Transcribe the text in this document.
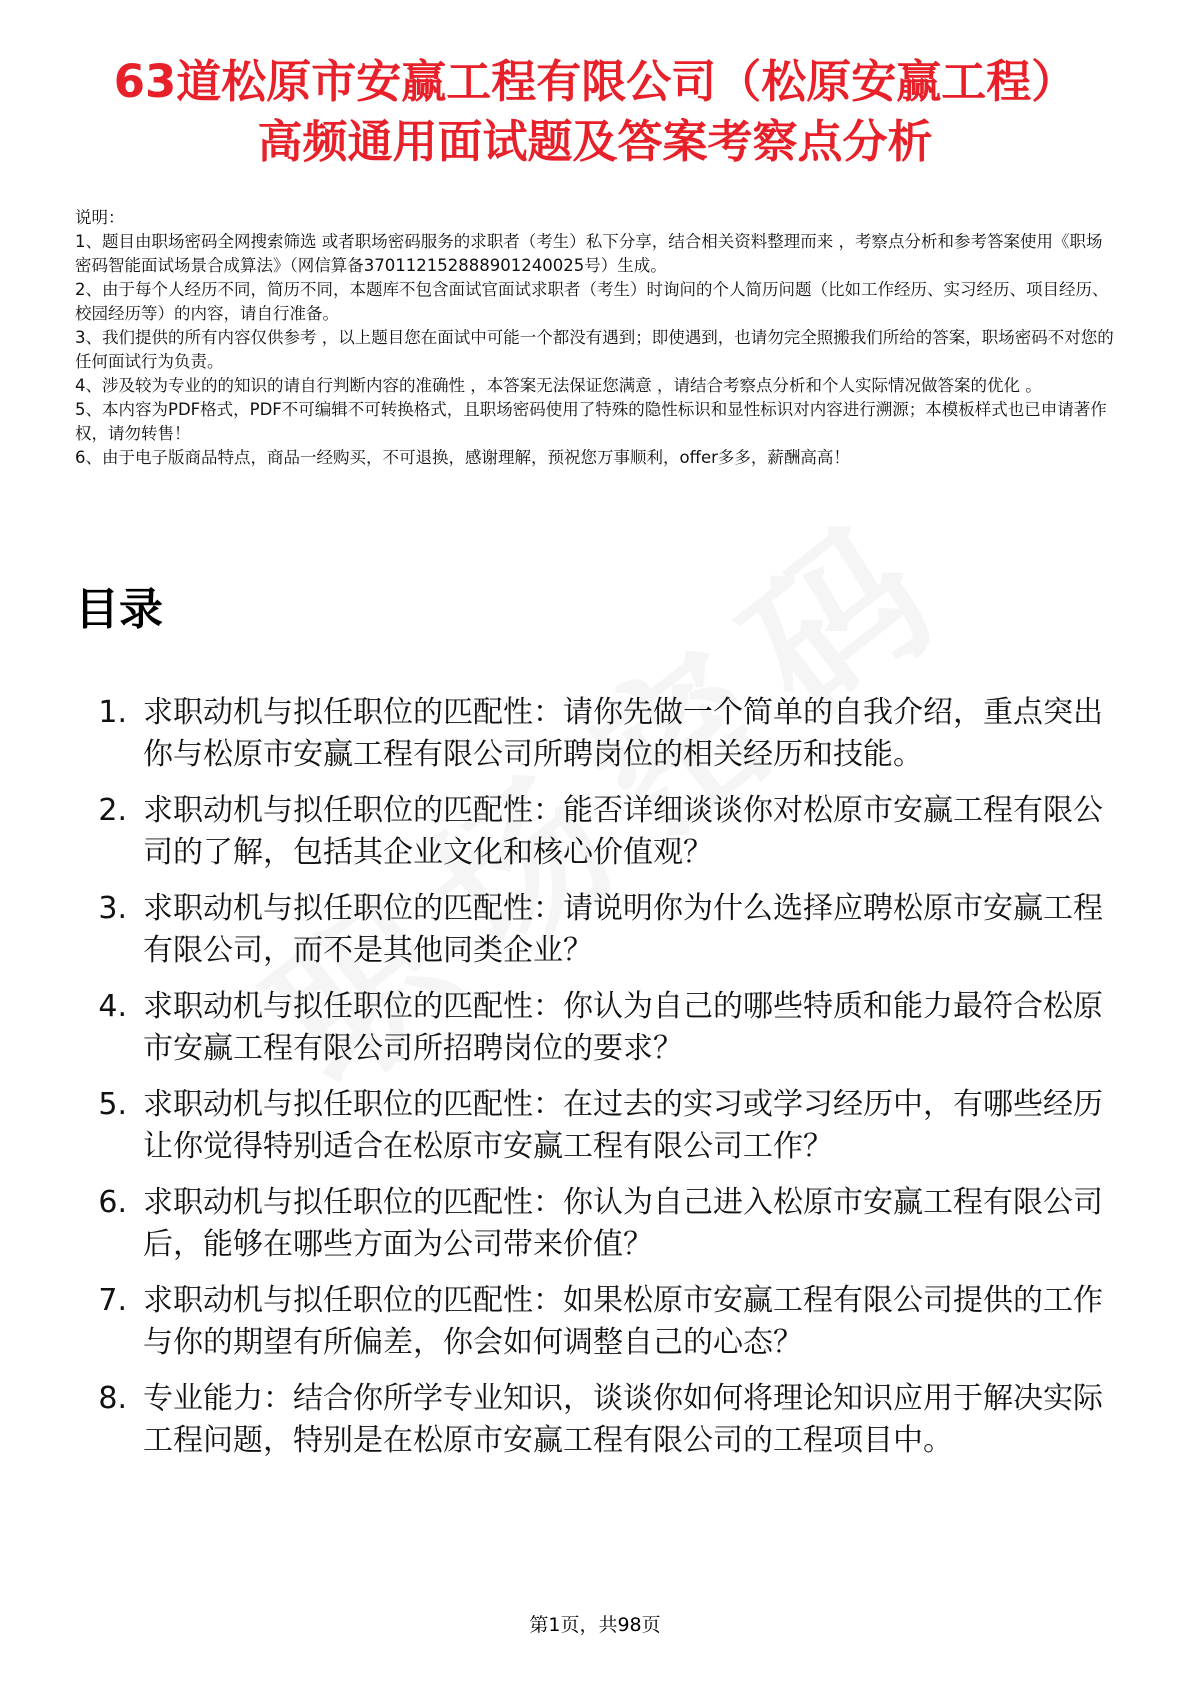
63道松原市安赢工程有限公司（松原安赢工程）高频通用面试题及答案考察点分析

说明：

1、题目由职场密码全网搜索筛选 或者职场密码服务的求职者（考生）私下分享，结合相关资料整理而来 ，考察点分析和参考答案使用《职场密码智能面试场景合成算法》（网信算备370112152888901240025号）生成。

2、由于每个人经历不同，简历不同，本题库不包含面试官面试求职者（考生）时询问的个人简历问题（比如工作经历、实习经历、项目经历、校园经历等）的内容，请自行准备。

3、我们提供的所有内容仅供参考 ，以上题目您在面试中可能一个都没有遇到；即使遇到，也请勿完全照搬我们所给的答案，职场密码不对您的任何面试行为负责。

4、涉及较为专业的的知识的请自行判断内容的准确性 ，本答案无法保证您满意 ，请结合考察点分析和个人实际情况做答案的优化 。

5、本内容为PDF格式，PDF不可编辑不可转换格式，且职场密码使用了特殊的隐性标识和显性标识对内容进行溯源；本模板样式也已申请著作权，请勿转售！

6、由于电子版商品特点，商品一经购买，不可退换，感谢理解，预祝您万事顺利，offer多多，薪酬高高！

目录
1. 求职动机与拟任职位的匹配性：请你先做一个简单的自我介绍，重点突出你与松原市安赢工程有限公司所聘岗位的相关经历和技能。
2. 求职动机与拟任职位的匹配性：能否详细谈谈你对松原市安赢工程有限公司的了解，包括其企业文化和核心价值观？
3. 求职动机与拟任职位的匹配性：请说明你为什么选择应聘松原市安赢工程有限公司，而不是其他同类企业？
4. 求职动机与拟任职位的匹配性：你认为自己的哪些特质和能力最符合松原市安赢工程有限公司所招聘岗位的要求？
5. 求职动机与拟任职位的匹配性：在过去的实习或学习经历中，有哪些经历让你觉得特别适合在松原市安赢工程有限公司工作？
6. 求职动机与拟任职位的匹配性：你认为自己进入松原市安赢工程有限公司后，能够在哪些方面为公司带来价值？
7. 求职动机与拟任职位的匹配性：如果松原市安赢工程有限公司提供的工作与你的期望有所偏差，你会如何调整自己的心态？
8. 专业能力：结合你所学专业知识，谈谈你如何将理论知识应用于解决实际工程问题，特别是在松原市安赢工程有限公司的工程项目中。
第1页，共98页
